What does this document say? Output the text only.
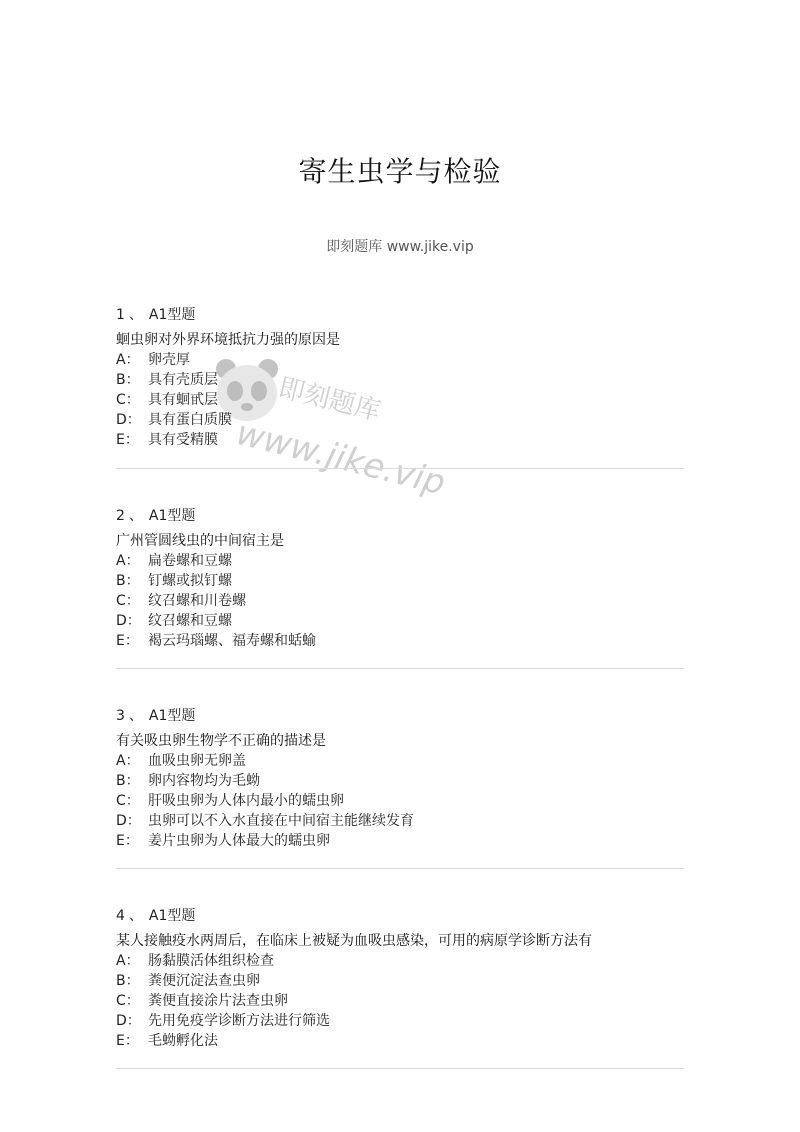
寄生虫学与检验
即刻题库 www.jike.vip
即刻题库
www.jike.vip
1 、 A1型题
蛔虫卵对外界环境抵抗力强的原因是
A： 卵壳厚
B： 具有壳质层
C： 具有蛔甙层
D： 具有蛋白质膜
E： 具有受精膜
2 、 A1型题
广州管圆线虫的中间宿主是
A： 扁卷螺和豆螺
B： 钉螺或拟钉螺
C： 纹召螺和川卷螺
D： 纹召螺和豆螺
E： 褐云玛瑙螺、福寿螺和蛞蝓
3 、 A1型题
有关吸虫卵生物学不正确的描述是
A： 血吸虫卵无卵盖
B： 卵内容物均为毛蚴
C： 肝吸虫卵为人体内最小的蠕虫卵
D： 虫卵可以不入水直接在中间宿主能继续发育
E： 姜片虫卵为人体最大的蠕虫卵
4 、 A1型题
某人接触疫水两周后，在临床上被疑为血吸虫感染，可用的病原学诊断方法有
A： 肠黏膜活体组织检查
B： 粪便沉淀法查虫卵
C： 粪便直接涂片法查虫卵
D： 先用免疫学诊断方法进行筛选
E： 毛蚴孵化法
